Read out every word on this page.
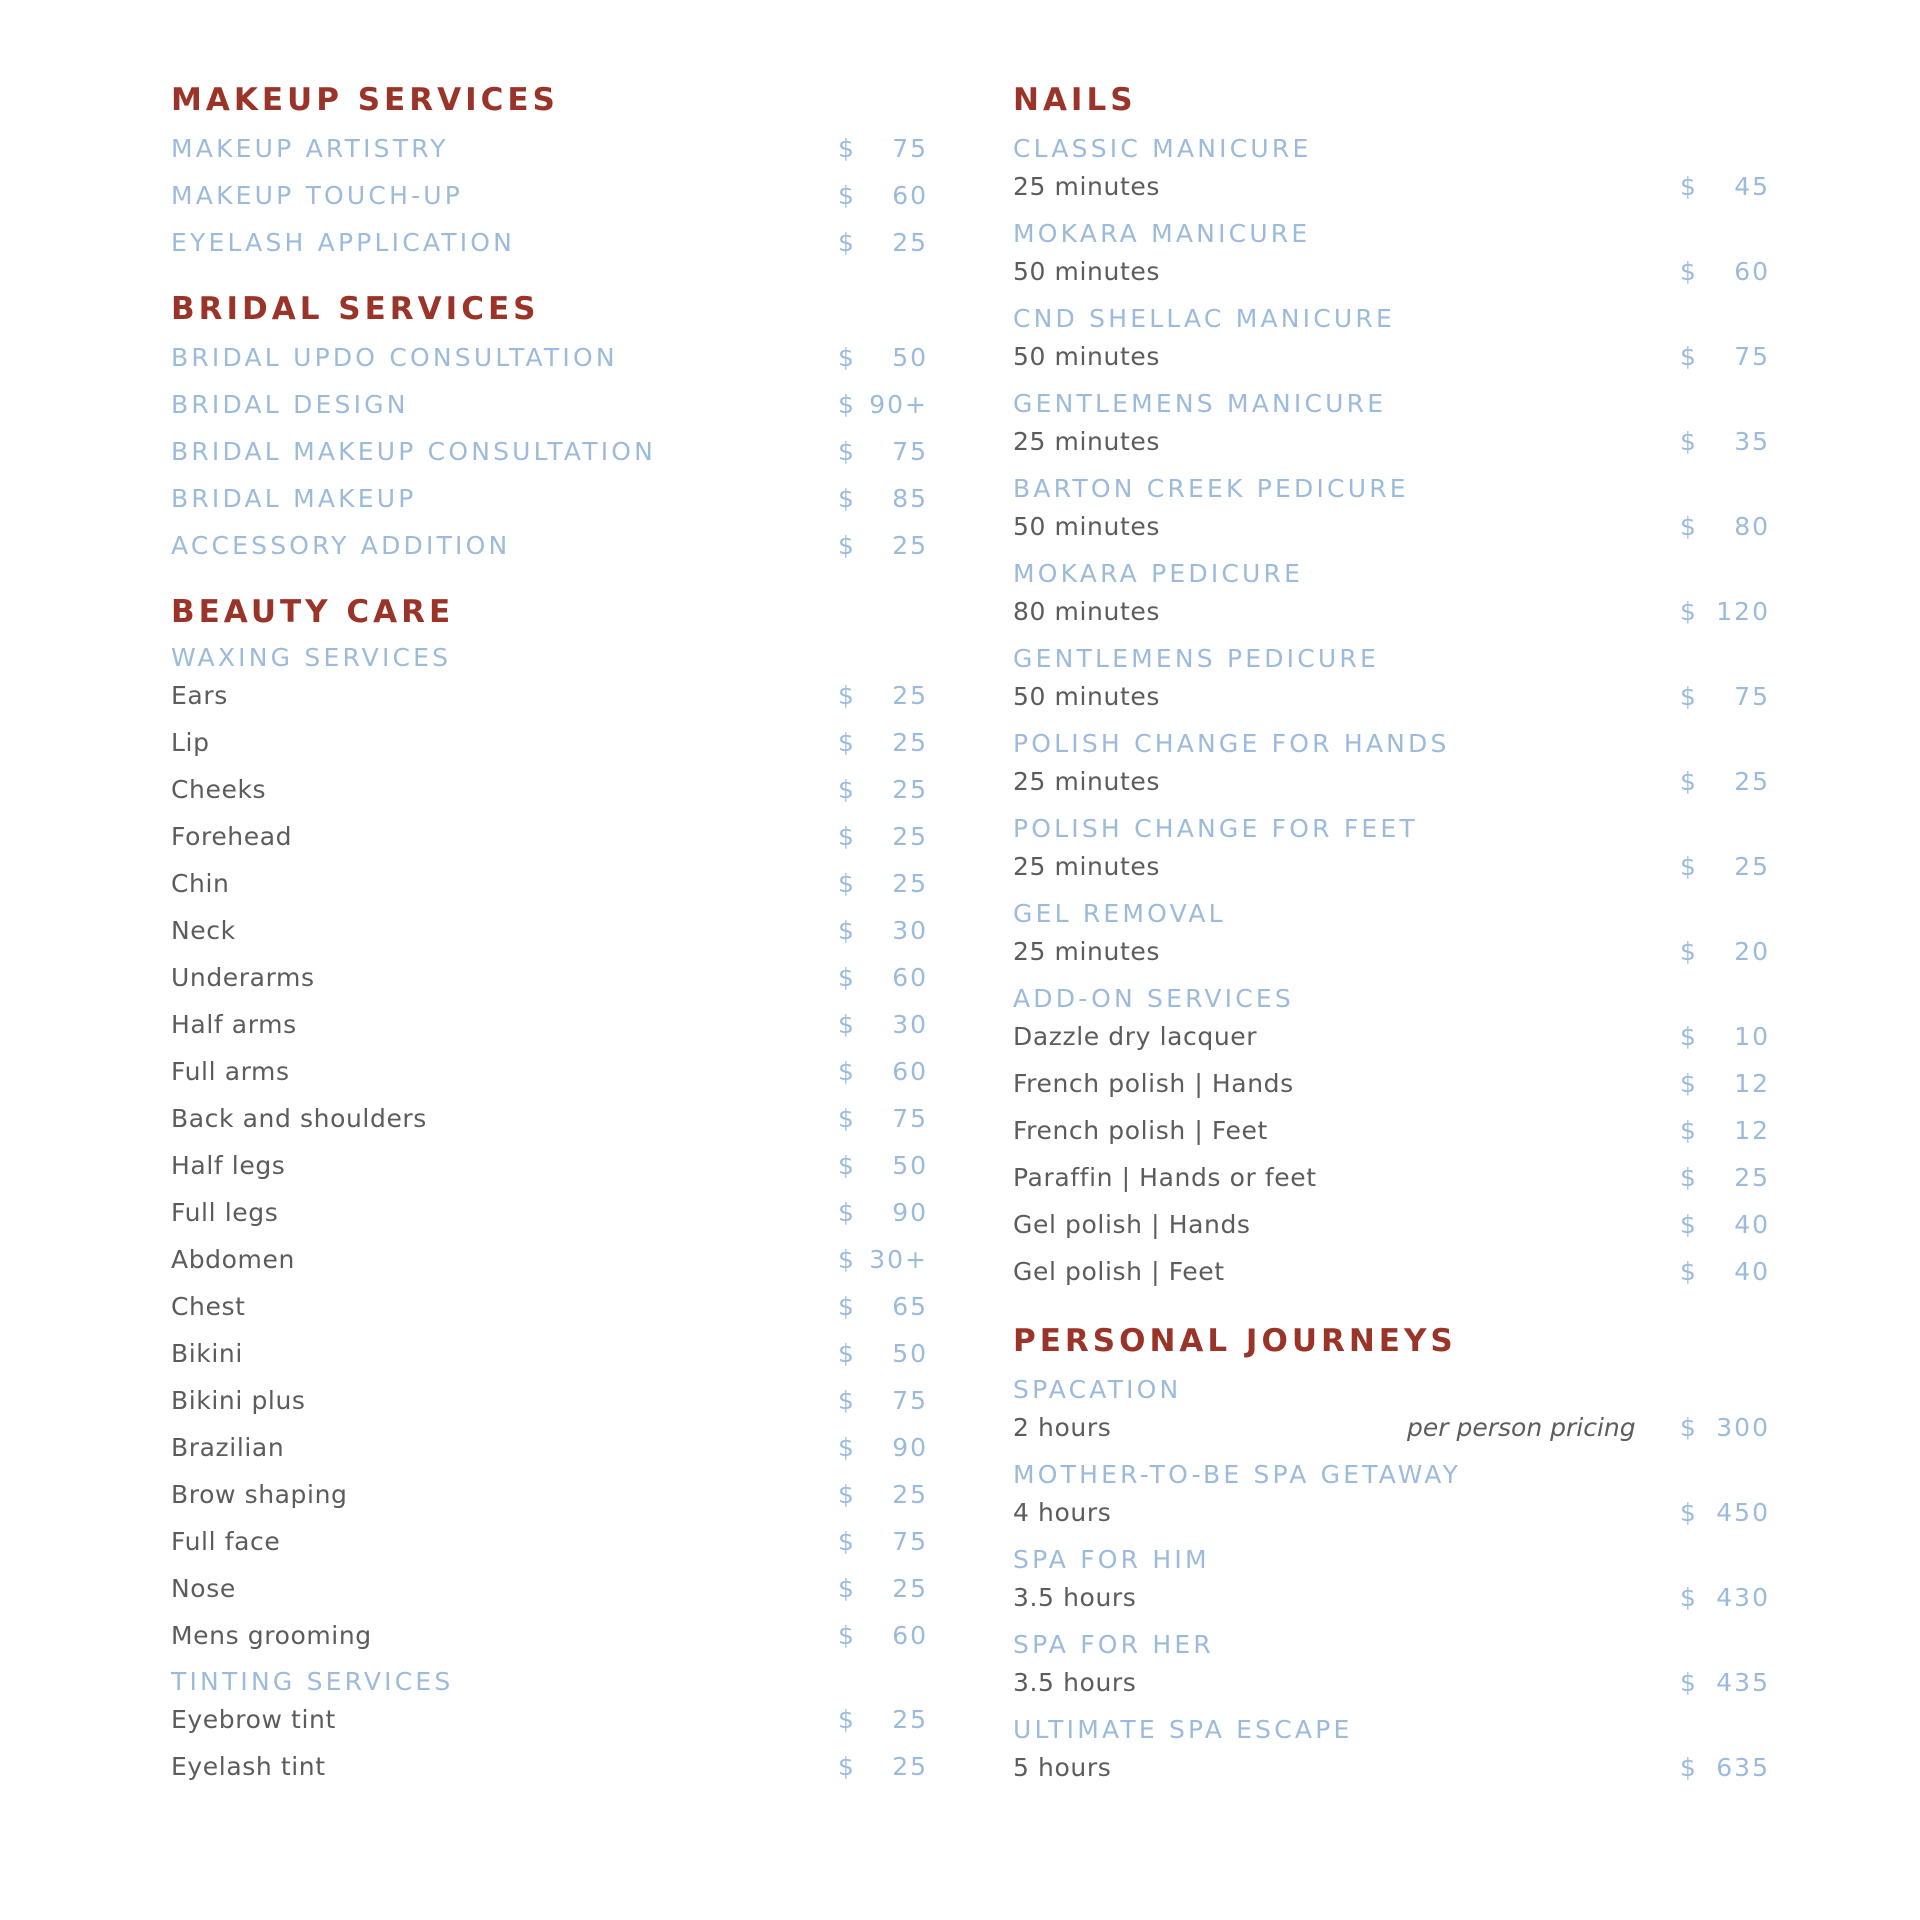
MAKEUP SERVICES
MAKEUP ARTISTRY	$ 75
MAKEUP TOUCH-UP	$ 60
EYELASH APPLICATION	$ 25
BRIDAL SERVICES
BRIDAL UPDO CONSULTATION	$ 50
BRIDAL DESIGN	$ 90+
BRIDAL MAKEUP CONSULTATION	$ 75
BRIDAL MAKEUP	$ 85
ACCESSORY ADDITION	$ 25
BEAUTY CARE
WAXING SERVICES
Ears	$ 25
Lip	$ 25
Cheeks	$ 25
Forehead	$ 25
Chin	$ 25
Neck	$ 30
Underarms	$ 60
Half arms	$ 30
Full arms	$ 60
Back and shoulders	$ 75
Half legs	$ 50
Full legs	$ 90
Abdomen	$ 30+
Chest	$ 65
Bikini	$ 50
Bikini plus	$ 75
Brazilian	$ 90
Brow shaping	$ 25
Full face	$ 75
Nose	$ 25
Mens grooming	$ 60
TINTING SERVICES
Eyebrow tint	$ 25
Eyelash tint	$ 25
NAILS
CLASSIC MANICURE
25 minutes	$ 45
MOKARA MANICURE
50 minutes	$ 60
CND SHELLAC MANICURE
50 minutes	$ 75
GENTLEMENS MANICURE
25 minutes	$ 35
BARTON CREEK PEDICURE
50 minutes	$ 80
MOKARA PEDICURE
80 minutes	$ 120
GENTLEMENS PEDICURE
50 minutes	$ 75
POLISH CHANGE FOR HANDS
25 minutes	$ 25
POLISH CHANGE FOR FEET
25 minutes	$ 25
GEL REMOVAL
25 minutes	$ 20
ADD-ON SERVICES
Dazzle dry lacquer	$ 10
French polish | Hands	$ 12
French polish | Feet	$ 12
Paraffin | Hands or feet	$ 25
Gel polish | Hands	$ 40
Gel polish | Feet	$ 40
PERSONAL JOURNEYS
SPACATION
2 hours	per person pricing $ 300
MOTHER-TO-BE SPA GETAWAY
4 hours	$ 450
SPA FOR HIM
3.5 hours	$ 430
SPA FOR HER
3.5 hours	$ 435
ULTIMATE SPA ESCAPE
5 hours	$ 635
